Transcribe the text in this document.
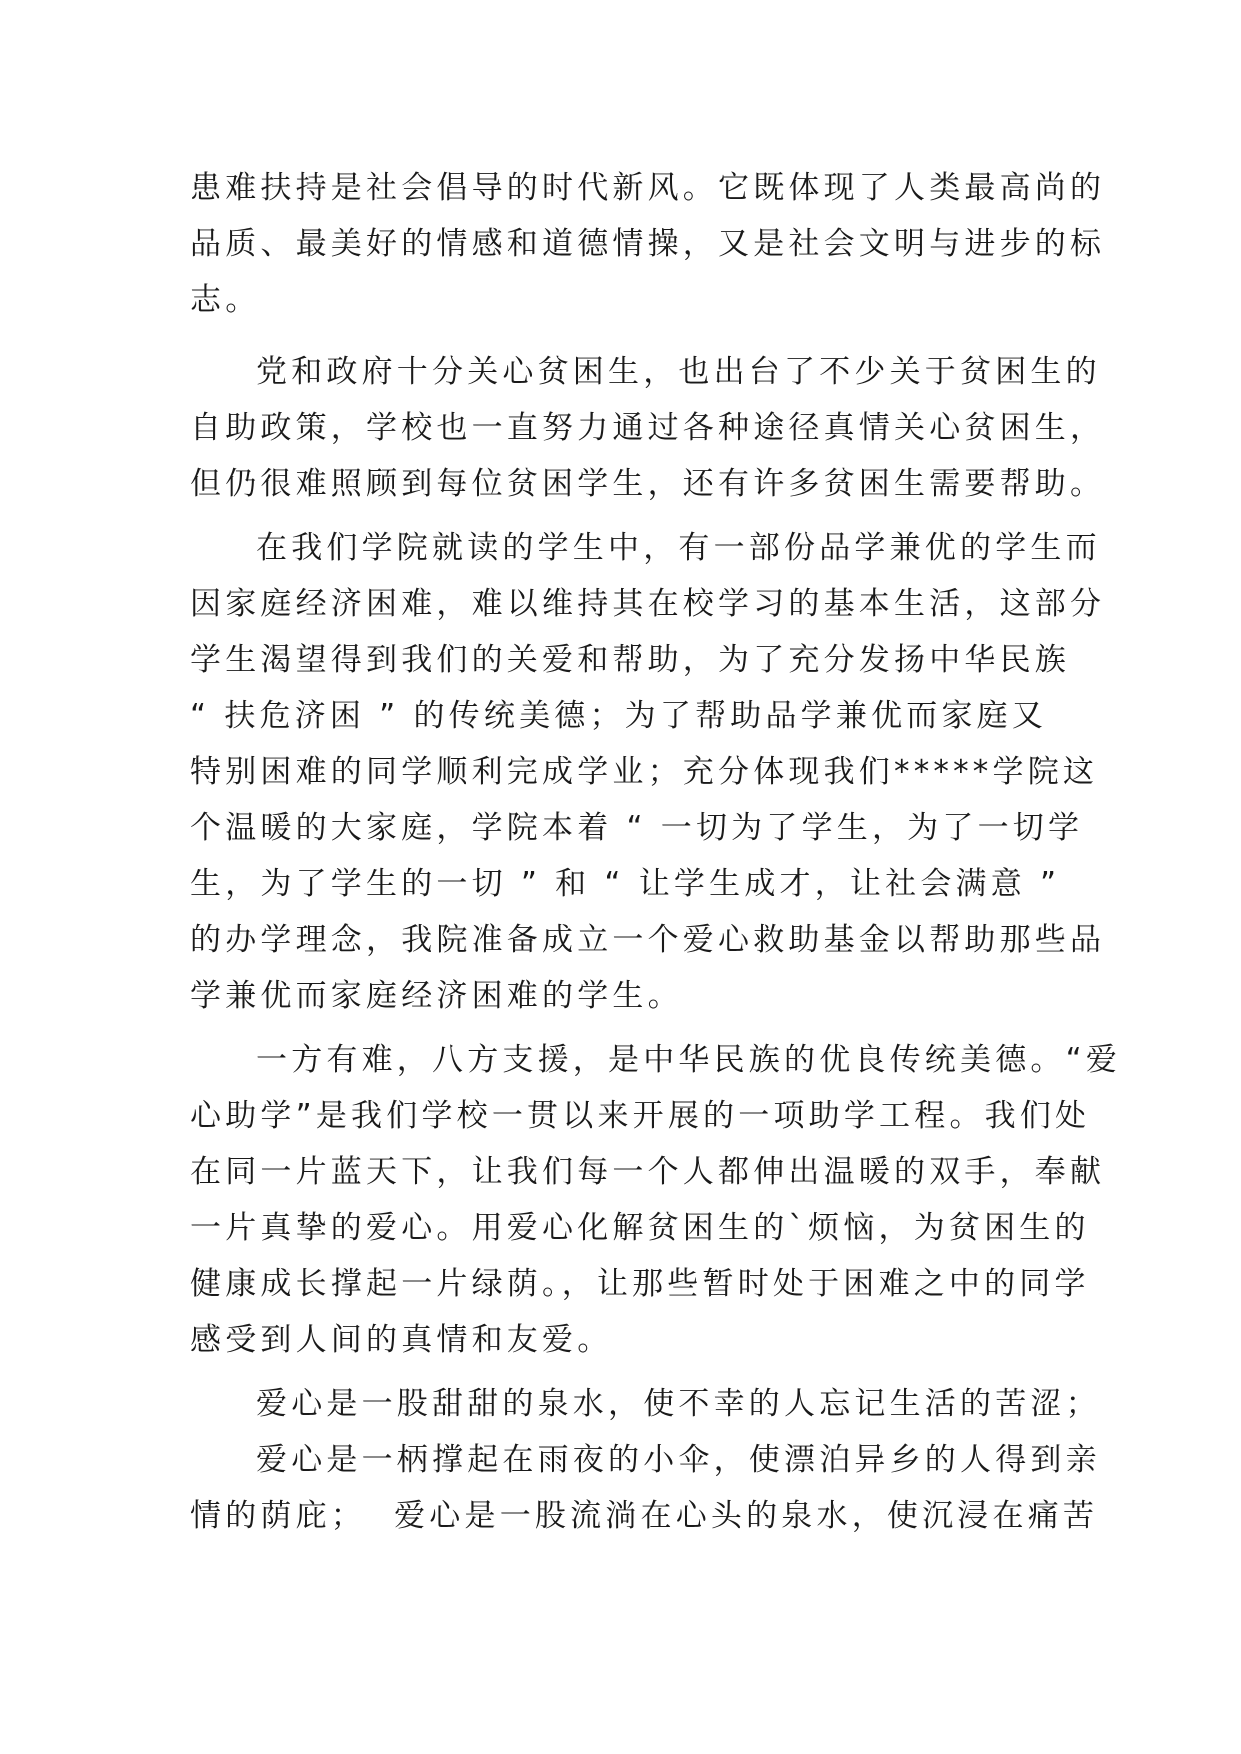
患难扶持是社会倡导的时代新风。它既体现了人类最高尚的
品质、最美好的情感和道德情操，又是社会文明与进步的标
志。
党和政府十分关心贫困生，也出台了不少关于贫困生的
自助政策，学校也一直努力通过各种途径真情关心贫困生，
但仍很难照顾到每位贫困学生，还有许多贫困生需要帮助。
在我们学院就读的学生中，有一部份品学兼优的学生而
因家庭经济困难，难以维持其在校学习的基本生活，这部分
学生渴望得到我们的关爱和帮助，为了充分发扬中华民族
“ 扶危济困 ” 的传统美德；为了帮助品学兼优而家庭又
特别困难的同学顺利完成学业；充分体现我们*****学院这
个温暖的大家庭，学院本着 “ 一切为了学生，为了一切学
生，为了学生的一切 ” 和 “ 让学生成才，让社会满意 ”
的办学理念，我院准备成立一个爱心救助基金以帮助那些品
学兼优而家庭经济困难的学生。
一方有难，八方支援，是中华民族的优良传统美德。“爱
心助学”是我们学校一贯以来开展的一项助学工程。我们处
在同一片蓝天下，让我们每一个人都伸出温暖的双手，奉献
一片真挚的爱心。用爱心化解贫困生的`烦恼，为贫困生的
健康成长撑起一片绿荫。，让那些暂时处于困难之中的同学
感受到人间的真情和友爱。
爱心是一股甜甜的泉水，使不幸的人忘记生活的苦涩；
爱心是一柄撑起在雨夜的小伞，使漂泊异乡的人得到亲
情的荫庇；  爱心是一股流淌在心头的泉水，使沉浸在痛苦
